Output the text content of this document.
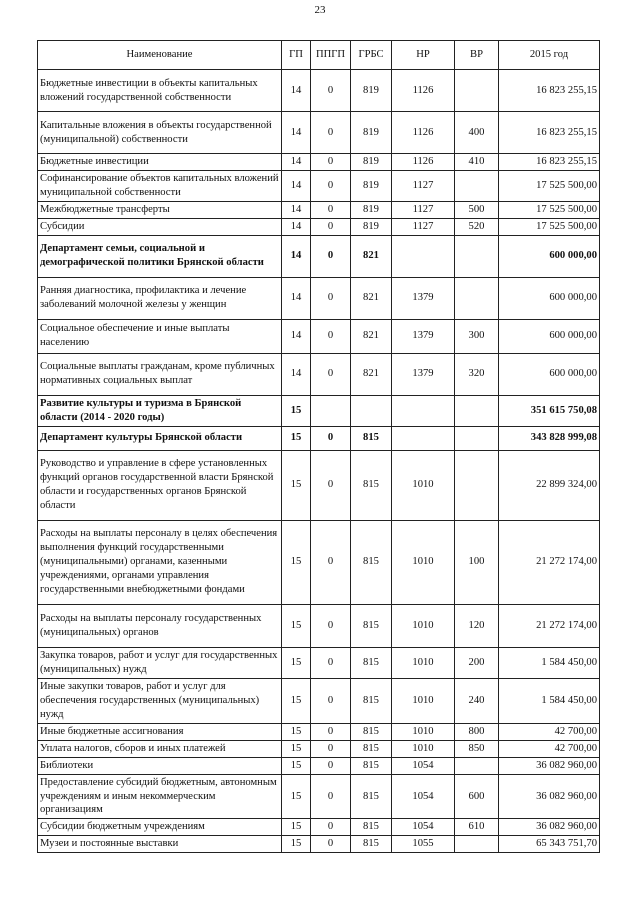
23
Наименование	ГП	ППГП	ГРБС	НР	ВР	2015 год
Бюджетные инвестиции в объекты капитальных вложений государственной собственности	14	0	819	1126		16 823 255,15
Капитальные вложения в объекты государственной (муниципальной) собственности	14	0	819	1126	400	16 823 255,15
Бюджетные инвестиции	14	0	819	1126	410	16 823 255,15
Софинансирование объектов капитальных вложений муниципальной собственности	14	0	819	1127		17 525 500,00
Межбюджетные трансферты	14	0	819	1127	500	17 525 500,00
Субсидии	14	0	819	1127	520	17 525 500,00
Департамент семьи, социальной и демографической политики Брянской области	14	0	821			600 000,00
Ранняя диагностика, профилактика и лечение заболеваний молочной железы у женщин	14	0	821	1379		600 000,00
Социальное обеспечение и иные выплаты населению	14	0	821	1379	300	600 000,00
Социальные выплаты гражданам, кроме публичных нормативных социальных выплат	14	0	821	1379	320	600 000,00
Развитие культуры и туризма в Брянской области (2014 - 2020 годы)	15					351 615 750,08
Департамент культуры Брянской области	15	0	815			343 828 999,08
Руководство и управление в сфере установленных функций органов государственной власти Брянской области и государственных органов Брянской области	15	0	815	1010		22 899 324,00
Расходы на выплаты персоналу в целях обеспечения выполнения функций государственными (муниципальными) органами, казенными учреждениями, органами управления государственными внебюджетными фондами	15	0	815	1010	100	21 272 174,00
Расходы на выплаты персоналу государственных (муниципальных) органов	15	0	815	1010	120	21 272 174,00
Закупка товаров, работ и услуг для государственных (муниципальных) нужд	15	0	815	1010	200	1 584 450,00
Иные закупки товаров, работ и услуг для обеспечения государственных (муниципальных) нужд	15	0	815	1010	240	1 584 450,00
Иные бюджетные ассигнования	15	0	815	1010	800	42 700,00
Уплата налогов, сборов и иных платежей	15	0	815	1010	850	42 700,00
Библиотеки	15	0	815	1054		36 082 960,00
Предоставление субсидий бюджетным, автономным учреждениям и иным некоммерческим организациям	15	0	815	1054	600	36 082 960,00
Субсидии бюджетным учреждениям	15	0	815	1054	610	36 082 960,00
Музеи и постоянные выставки	15	0	815	1055		65 343 751,70
